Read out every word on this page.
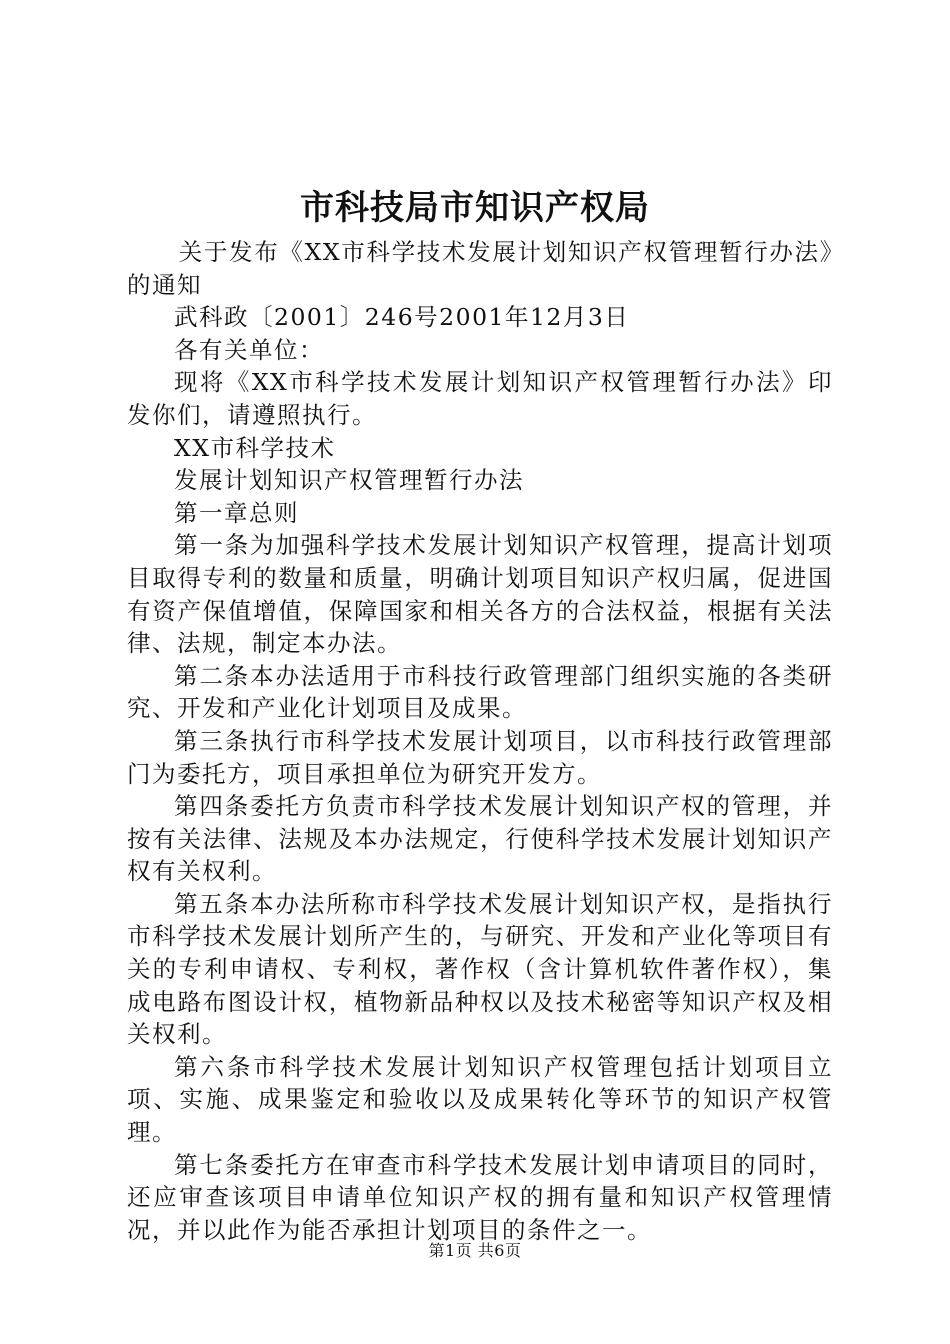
市科技局市知识产权局

关于发布《XX市科学技术发展计划知识产权管理暂行办法》的通知

武科政〔2001〕246号2001年12月3日

各有关单位：

现将《XX市科学技术发展计划知识产权管理暂行办法》印发你们，请遵照执行。

XX市科学技术

发展计划知识产权管理暂行办法

第一章总则

第一条为加强科学技术发展计划知识产权管理，提高计划项目取得专利的数量和质量，明确计划项目知识产权归属，促进国有资产保值增值，保障国家和相关各方的合法权益，根据有关法律、法规，制定本办法。

第二条本办法适用于市科技行政管理部门组织实施的各类研究、开发和产业化计划项目及成果。

第三条执行市科学技术发展计划项目，以市科技行政管理部门为委托方，项目承担单位为研究开发方。

第四条委托方负责市科学技术发展计划知识产权的管理，并按有关法律、法规及本办法规定，行使科学技术发展计划知识产权有关权利。

第五条本办法所称市科学技术发展计划知识产权，是指执行市科学技术发展计划所产生的，与研究、开发和产业化等项目有关的专利申请权、专利权，著作权（含计算机软件著作权），集成电路布图设计权，植物新品种权以及技术秘密等知识产权及相关权利。

第六条市科学技术发展计划知识产权管理包括计划项目立项、实施、成果鉴定和验收以及成果转化等环节的知识产权管理。

第七条委托方在审查市科学技术发展计划申请项目的同时，还应审查该项目申请单位知识产权的拥有量和知识产权管理情况，并以此作为能否承担计划项目的条件之一。

第1页 共6页
